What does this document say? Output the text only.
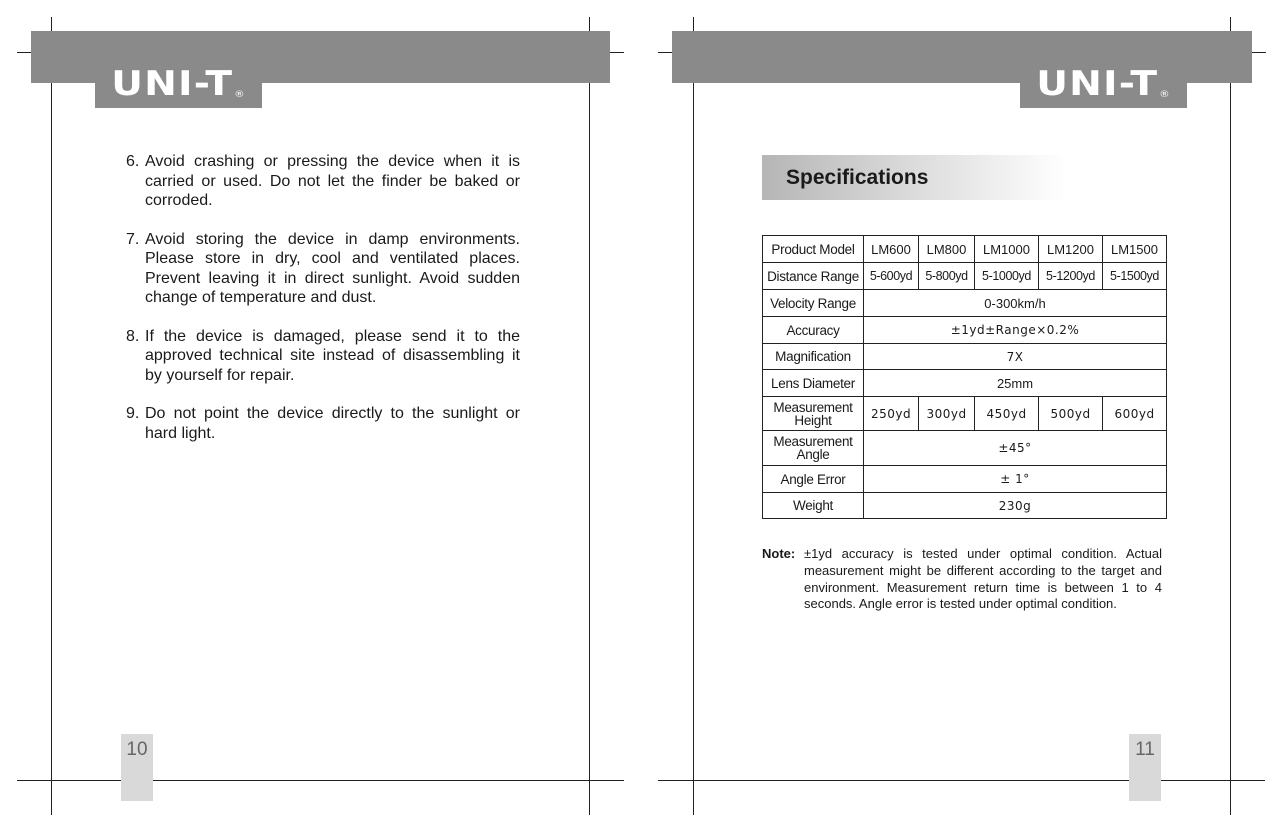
UNI-T®
6. Avoid crashing or pressing the device when it is carried or used. Do not let the finder be baked or corroded.
7. Avoid storing the device in damp environments. Please store in dry, cool and ventilated places. Prevent leaving it in direct sunlight. Avoid sudden change of temperature and dust.
8. If the device is damaged, please send it to the approved technical site instead of disassembling it by yourself for repair.
9. Do not point the device directly to the sunlight or hard light.
10
UNI-T®
Specifications
Product Model	LM600	LM800	LM1000	LM1200	LM1500
Distance Range	5-600yd	5-800yd	5-1000yd	5-1200yd	5-1500yd
Velocity Range	0-300km/h				
Accuracy	±1yd±Range×0.2%				
Magnification	7X				
Lens Diameter	25mm				
Measurement Height	250yd	300yd	450yd	500yd	600yd
Measurement Angle	±45°				
Angle Error	± 1°				
Weight	230g				
Note: ±1yd accuracy is tested under optimal condition. Actual measurement might be different according to the target and environment. Measurement return time is between 1 to 4 seconds. Angle error is tested under optimal condition.
11
